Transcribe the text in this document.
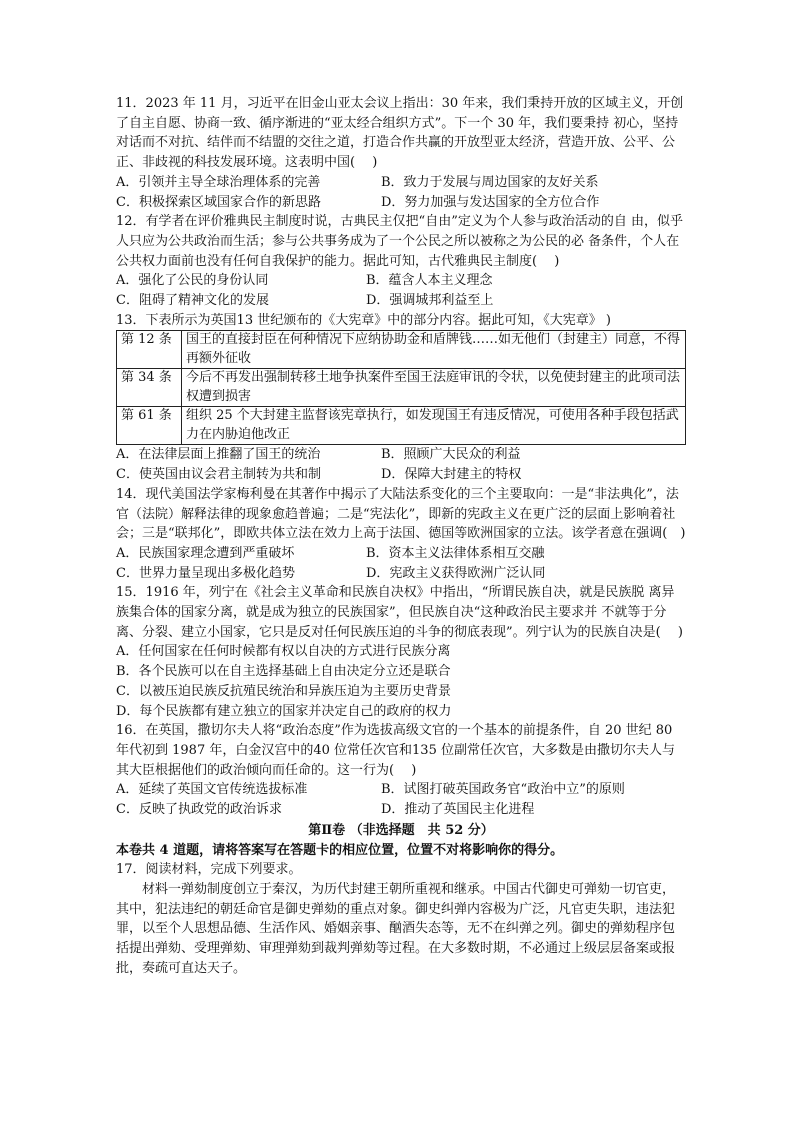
11．2023 年 11 月，习近平在旧金山亚太会议上指出：30 年来，我们秉持开放的区域主义，开创了自主自愿、协商一致、循序渐进的“亚太经合组织方式”。下一个 30 年，我们要秉持 初心，坚持对话而不对抗、结伴而不结盟的交往之道，打造合作共赢的开放型亚太经济，营造开放、公平、公正、非歧视的科技发展环境。这表明中国(　 )

A．引领并主导全球治理体系的完善	B．致力于发展与周边国家的友好关系
C．积极探索区域国家合作的新思路	D．努力加强与发达国家的全方位合作

12．有学者在评价雅典民主制度时说，古典民主仅把“自由”定义为个人参与政治活动的自 由，似乎人只应为公共政治而生活；参与公共事务成为了一个公民之所以被称之为公民的必 备条件，个人在公共权力面前也没有任何自我保护的能力。据此可知，古代雅典民主制度(　 )

A．强化了公民的身份认同	B．蕴含人本主义理念
C．阻碍了精神文化的发展	D．强调城邦利益至上

13．下表所示为英国13 世纪颁布的《大宪章》中的部分内容。据此可知，《大宪章》 )

第 12 条	国王的直接封臣在何种情况下应纳协助金和盾牌钱……如无他们（封建主）同意，不得再额外征收
第 34 条	今后不再发出强制转移土地争执案件至国王法庭审讯的令状，以免使封建主的此项司法权遭到损害
第 61 条	组织 25 个大封建主监督该宪章执行，如发现国王有违反情况，可使用各种手段包括武力在内胁迫他改正
A．在法律层面上推翻了国王的统治	B．照顾广大民众的利益
C．使英国由议会君主制转为共和制	D．保障大封建主的特权

14．现代美国法学家梅利曼在其著作中揭示了大陆法系变化的三个主要取向：一是“非法典化”，法官（法院）解释法律的现象愈趋普遍；二是“宪法化”，即新的宪政主义在更广泛的层面上影响着社会；三是“联邦化”，即欧共体立法在效力上高于法国、德国等欧洲国家的立法。该学者意在强调(　)

A．民族国家理念遭到严重破坏	B．资本主义法律体系相互交融
C．世界力量呈现出多极化趋势	D．宪政主义获得欧洲广泛认同

15．1916 年，列宁在《社会主义革命和民族自决权》中指出，“所谓民族自决，就是民族脱 离异族集合体的国家分离，就是成为独立的民族国家”，但民族自决“这种政治民主要求并 不就等于分离、分裂、建立小国家，它只是反对任何民族压迫的斗争的彻底表现”。列宁认为的民族自决是(　 )

A．任何国家在任何时候都有权以自决的方式进行民族分离

B．各个民族可以在自主选择基础上自由决定分立还是联合

C．以被压迫民族反抗殖民统治和异族压迫为主要历史背景

D．每个民族都有建立独立的国家并决定自己的政府的权力

16．在英国，撒切尔夫人将“政治态度”作为选拔高级文官的一个基本的前提条件，自 20 世纪 80 年代初到 1987 年，白金汉宫中的40 位常任次官和135 位副常任次官，大多数是由撒切尔夫人与其大臣根据他们的政治倾向而任命的。这一行为(　 )

A．延续了英国文官传统选拔标准	B．试图打破英国政务官“政治中立”的原则
C．反映了执政党的政治诉求	D．推动了英国民主化进程

第Ⅱ卷 （非选择题　共 52 分）

本卷共 4 道题，请将答案写在答题卡的相应位置，位置不对将影响你的得分。

17．阅读材料，完成下列要求。

材料一弹劾制度创立于秦汉，为历代封建王朝所重视和继承。中国古代御史可弹劾一切官吏，其中，犯法违纪的朝廷命官是御史弹劾的重点对象。御史纠弹内容极为广泛，凡官吏失职，违法犯罪，以至个人思想品德、生活作风、婚姻亲事、酗酒失态等，无不在纠弹之列。御史的弹劾程序包括提出弹劾、受理弹劾、审理弹劾到裁判弹劾等过程。在大多数时期，不必通过上级层层备案或报批，奏疏可直达天子。
